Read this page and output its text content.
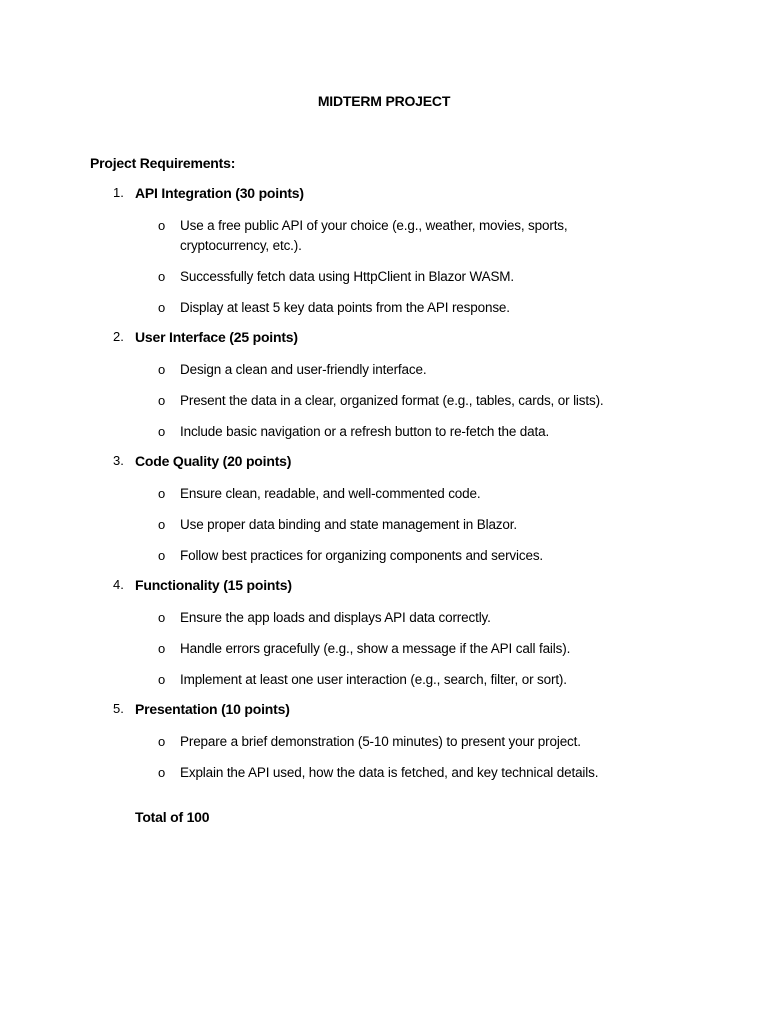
MIDTERM PROJECT
Project Requirements:
1. API Integration (30 points)
o Use a free public API of your choice (e.g., weather, movies, sports, cryptocurrency, etc.).
o Successfully fetch data using HttpClient in Blazor WASM.
o Display at least 5 key data points from the API response.
2. User Interface (25 points)
o Design a clean and user-friendly interface.
o Present the data in a clear, organized format (e.g., tables, cards, or lists).
o Include basic navigation or a refresh button to re-fetch the data.
3. Code Quality (20 points)
o Ensure clean, readable, and well-commented code.
o Use proper data binding and state management in Blazor.
o Follow best practices for organizing components and services.
4. Functionality (15 points)
o Ensure the app loads and displays API data correctly.
o Handle errors gracefully (e.g., show a message if the API call fails).
o Implement at least one user interaction (e.g., search, filter, or sort).
5. Presentation (10 points)
o Prepare a brief demonstration (5-10 minutes) to present your project.
o Explain the API used, how the data is fetched, and key technical details.
Total of 100
